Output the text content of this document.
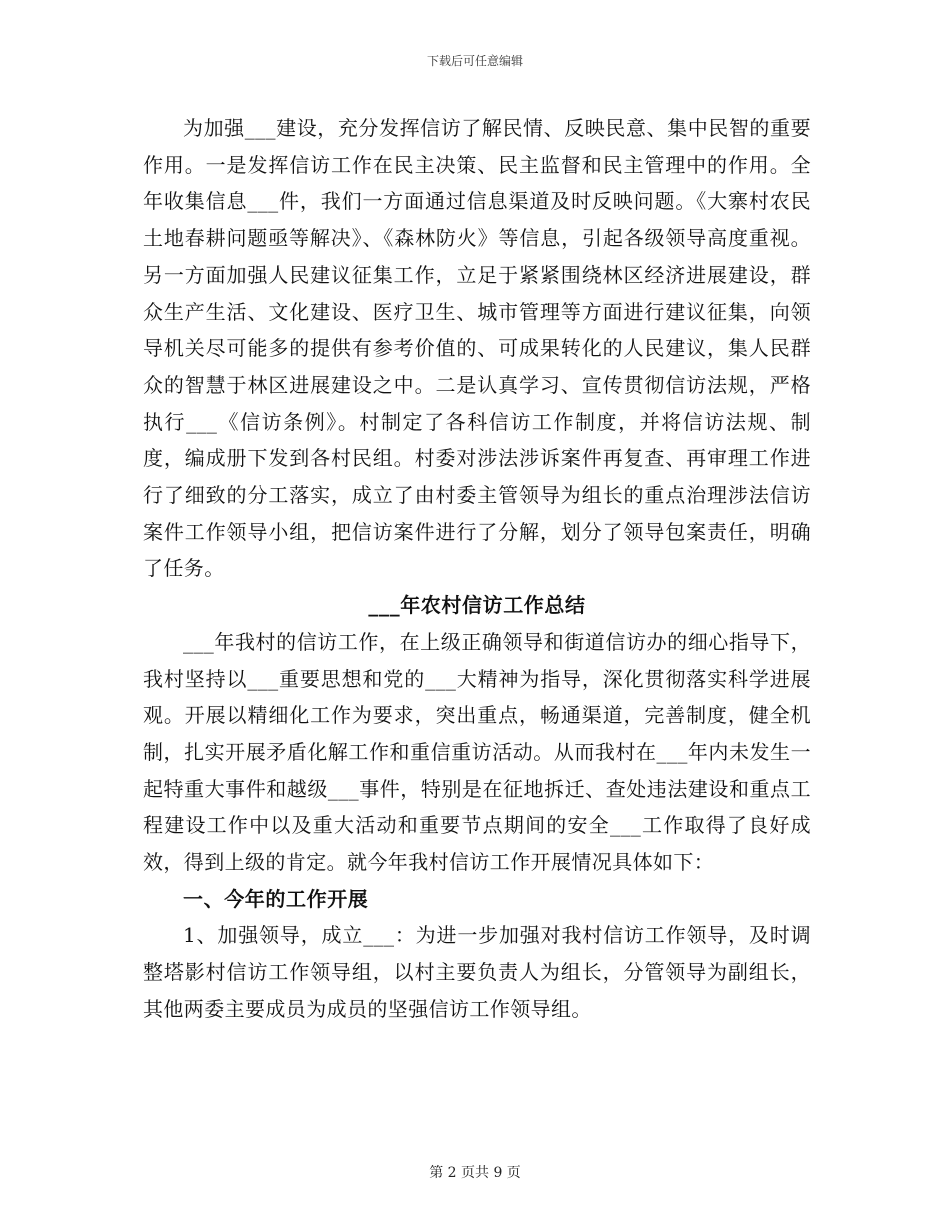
下载后可任意编辑

为加强___建设，充分发挥信访了解民情、反映民意、集中民智的重要作用。一是发挥信访工作在民主决策、民主监督和民主管理中的作用。全年收集信息___件，我们一方面通过信息渠道及时反映问题。《大寨村农民土地春耕问题亟等解决》、《森林防火》等信息，引起各级领导高度重视。另一方面加强人民建议征集工作，立足于紧紧围绕林区经济进展建设，群众生产生活、文化建设、医疗卫生、城市管理等方面进行建议征集，向领导机关尽可能多的提供有参考价值的、可成果转化的人民建议，集人民群众的智慧于林区进展建设之中。二是认真学习、宣传贯彻信访法规，严格执行___《信访条例》。村制定了各科信访工作制度，并将信访法规、制度，编成册下发到各村民组。村委对涉法涉诉案件再复查、再审理工作进行了细致的分工落实，成立了由村委主管领导为组长的重点治理涉法信访案件工作领导小组，把信访案件进行了分解，划分了领导包案责任，明确了任务。

___年农村信访工作总结

___年我村的信访工作，在上级正确领导和街道信访办的细心指导下，我村坚持以___重要思想和党的___大精神为指导，深化贯彻落实科学进展观。开展以精细化工作为要求，突出重点，畅通渠道，完善制度，健全机制，扎实开展矛盾化解工作和重信重访活动。从而我村在___年内未发生一起特重大事件和越级___事件，特别是在征地拆迁、查处违法建设和重点工程建设工作中以及重大活动和重要节点期间的安全___工作取得了良好成效，得到上级的肯定。就今年我村信访工作开展情况具体如下：

一、今年的工作开展

1、加强领导，成立___：为进一步加强对我村信访工作领导，及时调整塔影村信访工作领导组，以村主要负责人为组长，分管领导为副组长，其他两委主要成员为成员的坚强信访工作领导组。

第 2 页共 9 页
